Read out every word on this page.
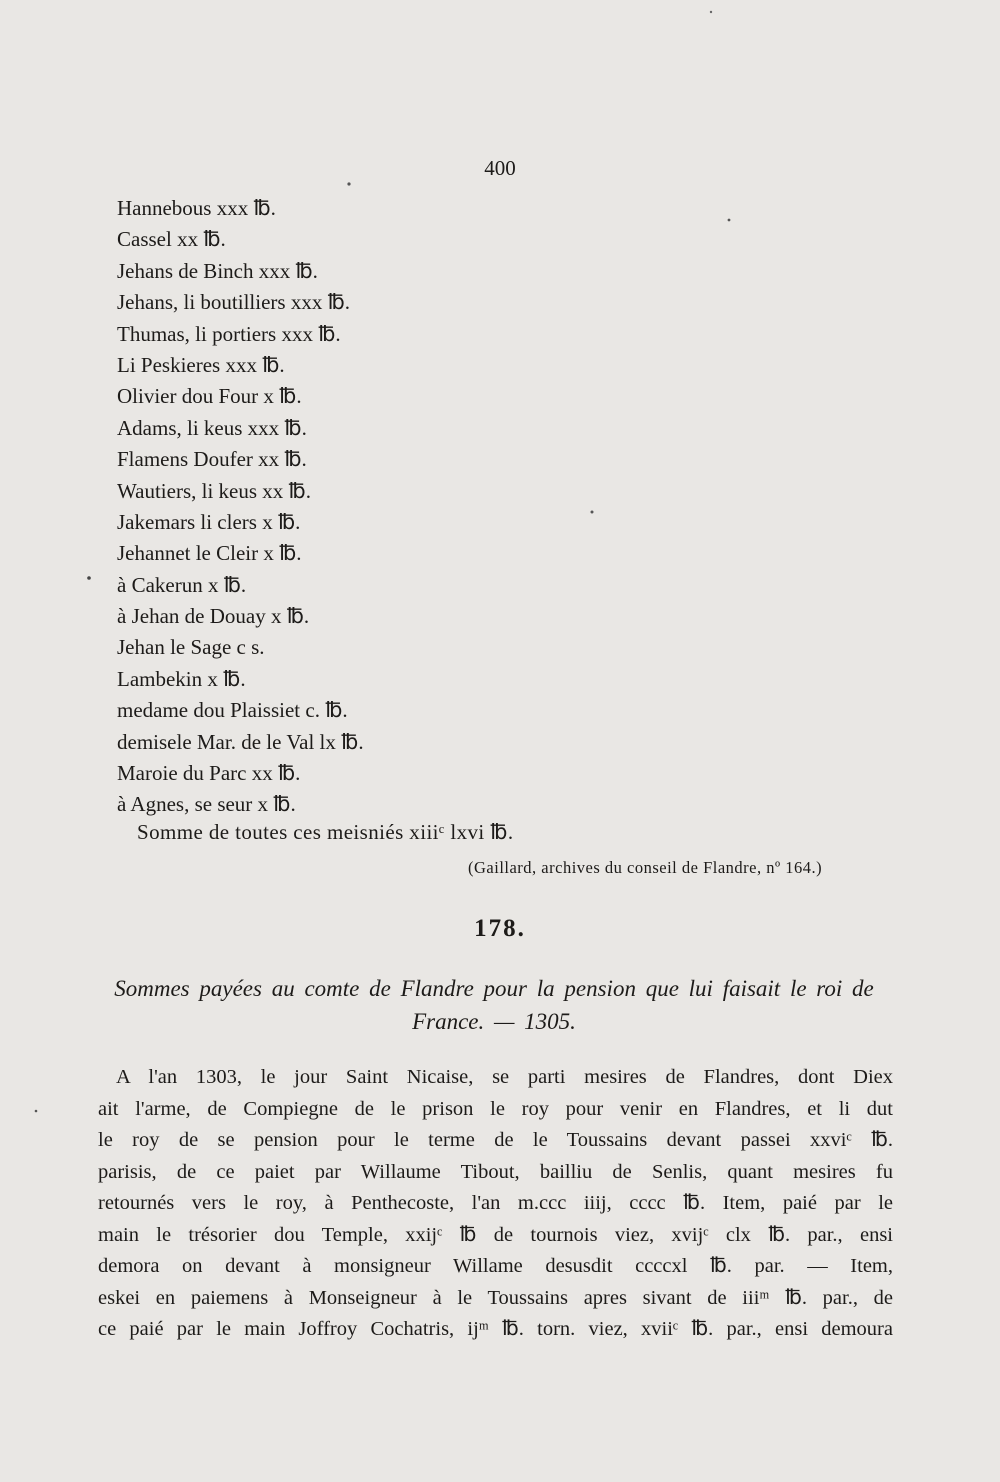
400
Hannebous xxx ℔.
Cassel xx ℔.
Jehans de Binch xxx ℔.
Jehans, li boutilliers xxx ℔.
Thumas, li portiers xxx ℔.
Li Peskieres xxx ℔.
Olivier dou Four x ℔.
Adams, li keus xxx ℔.
Flamens Doufer xx ℔.
Wautiers, li keus xx ℔.
Jakemars li clers x ℔.
Jehannet le Cleir x ℔.
à Cakerun x ℔.
à Jehan de Douay x ℔.
Jehan le Sage c s.
Lambekin x ℔.
medame dou Plaissiet c. ℔.
demisele Mar. de le Val lx ℔.
Maroie du Parc xx ℔.
à Agnes, se seur x ℔.
Somme de toutes ces meisniés xiiiᶜ lxvi ℔.
(Gaillard, archives du conseil de Flandre, nº 164.)
178.
Sommes payées au comte de Flandre pour la pension que lui faisait le roi de France. — 1305.
A l'an 1303, le jour Saint Nicaise, se parti mesires de Flandres, dont Diex
ait l'arme, de Compiegne de le prison le roy pour venir en Flandres, et li dut
le roy de se pension pour le terme de le Toussains devant passei xxviᶜ ℔.
parisis, de ce paiet par Willaume Tibout, bailliu de Senlis, quant mesires fu
retournés vers le roy, à Penthecoste, l'an m.ccc iiij, cccc ℔. Item, paié par le
main le trésorier dou Temple, xxijᶜ ℔ de tournois viez, xvijᶜ clx ℔. par., ensi
demora on devant à monsigneur Willame desusdit ccccxl ℔. par. — Item,
eskei en paiemens à Monseigneur à le Toussains apres sivant de iiiᵐ ℔. par., de
ce paié par le main Joffroy Cochatris, ijᵐ ℔. torn. viez, xviiᶜ ℔. par., ensi demoura
